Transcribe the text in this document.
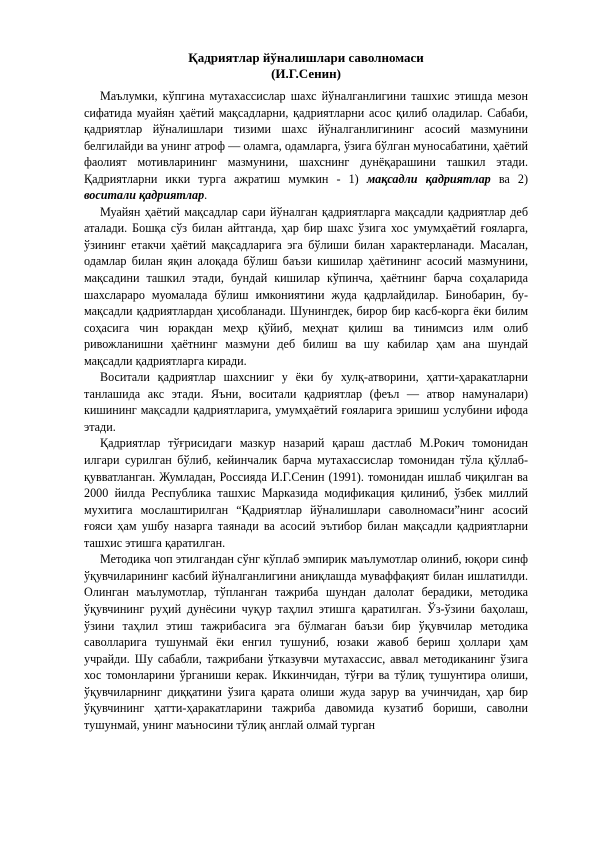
Қадриятлар йўналишлари саволномаси
(И.Г.Сенин)

Маълумки, кўпгина мутахассислар шахс йўналганлигини ташхис этишда мезон сифатида муайян ҳаётий мақсадларни, қадриятларни асос қилиб оладилар. Сабаби, қадриятлар йўналишлари тизими шахс йўналганлигининг асосий мазмунини белгилайди ва унинг атроф — оламга, одамларга, ўзига бўлган муносабатини, ҳаётий фаолият мотивларининг мазмунини, шахснинг дунёқарашини ташкил этади. Қадриятларни икки турга ажратиш мумкин - 1) мақсадли қадриятлар ва 2) воситали қадриятлар.

Муайян ҳаётий мақсадлар сари йўналган қадриятларга мақсадли қадриятлар деб аталади. Бошқа сўз билан айтганда, ҳар бир шахс ўзига хос умумҳаётий ғояларга, ўзининг етакчи ҳаётий мақсадларига эга бўлиши билан характерланади. Масалан, одамлар билан яқин алоқада бўлиш баъзи кишилар ҳаётининг асосий мазмунини, мақсадини ташкил этади, бундай кишилар кўпинча, ҳаётнинг барча соҳаларида шахслараро муомалада бўлиш имкониятини жуда қадрлайдилар. Бинобарин, бу-мақсадли қадриятлардан ҳисобланади. Шунингдек, бирор бир касб-корга ёки билим соҳасига чин юракдан меҳр қўйиб, меҳнат қилиш ва тинимсиз илм олиб ривожланишни ҳаётнинг мазмуни деб билиш ва шу кабилар ҳам ана шундай мақсадли қадриятларга киради.

Воситали қадриятлар шахснииг у ёки бу хулқ-атворини, ҳатти-ҳаракатларни танлашида акс этади. Яъни, воситали қадриятлар (феъл — атвор намуналари) кишининг мақсадли қадриятларига, умумҳаётий ғояларига эришиш услубини ифода этади.

Қадриятлар тўғрисидаги мазкур назарий қараш дастлаб М.Рокич томонидан илгари сурилган бўлиб, кейинчалик барча мутахассислар томонидан тўла қўллаб- қувватланган. Жумладан, Россияда И.Г.Сенин (1991). томонидан ишлаб чиқилган ва 2000 йилда Республика ташхис Марказида модификация қилиниб, ўзбек миллий мухитига мослаштирилган “Қадриятлар йўналишлари саволномаси”нинг асосий ғояси ҳам ушбу назарга таянади ва асосий эътибор билан мақсадли қадриятларни ташхис этишга қаратилган.

Методика чоп этилгандан сўнг кўплаб эмпирик маълумотлар олиниб, юқори синф ўқувчиларининг касбий йўналганлигини аниқлашда муваффақият билан ишлатилди. Олинган маълумотлар, тўпланган тажриба шундан далолат берадики, методика ўқувчининг руҳий дунёсини чуқур таҳлил этишга қаратилган. Ўз-ўзини баҳолаш, ўзини таҳлил этиш тажрибасига эга бўлмаган баъзи бир ўқувчилар методика саволларига тушунмай ёки енгил тушуниб, юзаки жавоб бериш ҳоллари ҳам учрайди. Шу сабабли, тажрибани ўтказувчи мутахассис, аввал методиканинг ўзига хос томонларини ўрганиши керак. Иккинчидан, тўғри ва тўлиқ тушунтира олиши, ўқувчиларнинг диққатини ўзига қарата олиши жуда зарур ва учинчидан, ҳар бир ўқувчининг ҳатти-ҳаракатларини тажриба давомида кузатиб бориши, саволни тушунмай, унинг маъносини тўлиқ англай олмай турган
